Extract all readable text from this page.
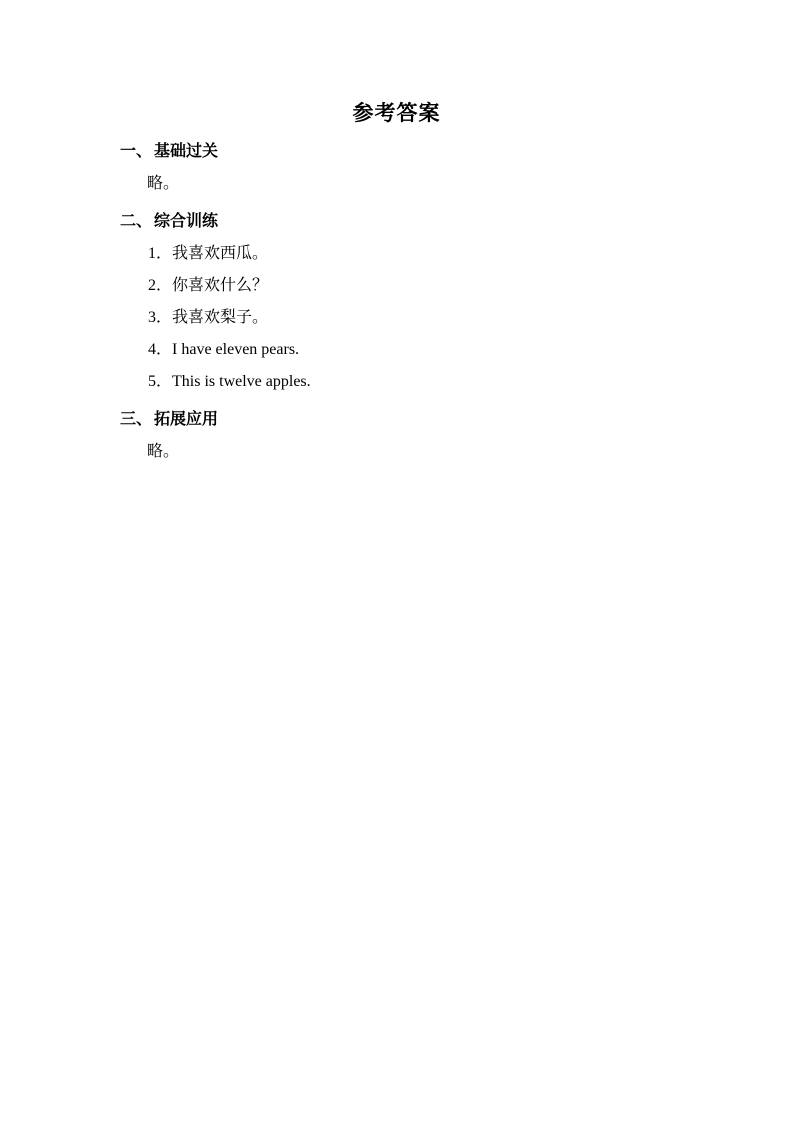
参考答案

一、 基础过关

略。

二、 综合训练

1．我喜欢西瓜。

2．你喜欢什么？

3．我喜欢梨子。

4．I have eleven pears.

5．This is twelve apples.

三、 拓展应用

略。
